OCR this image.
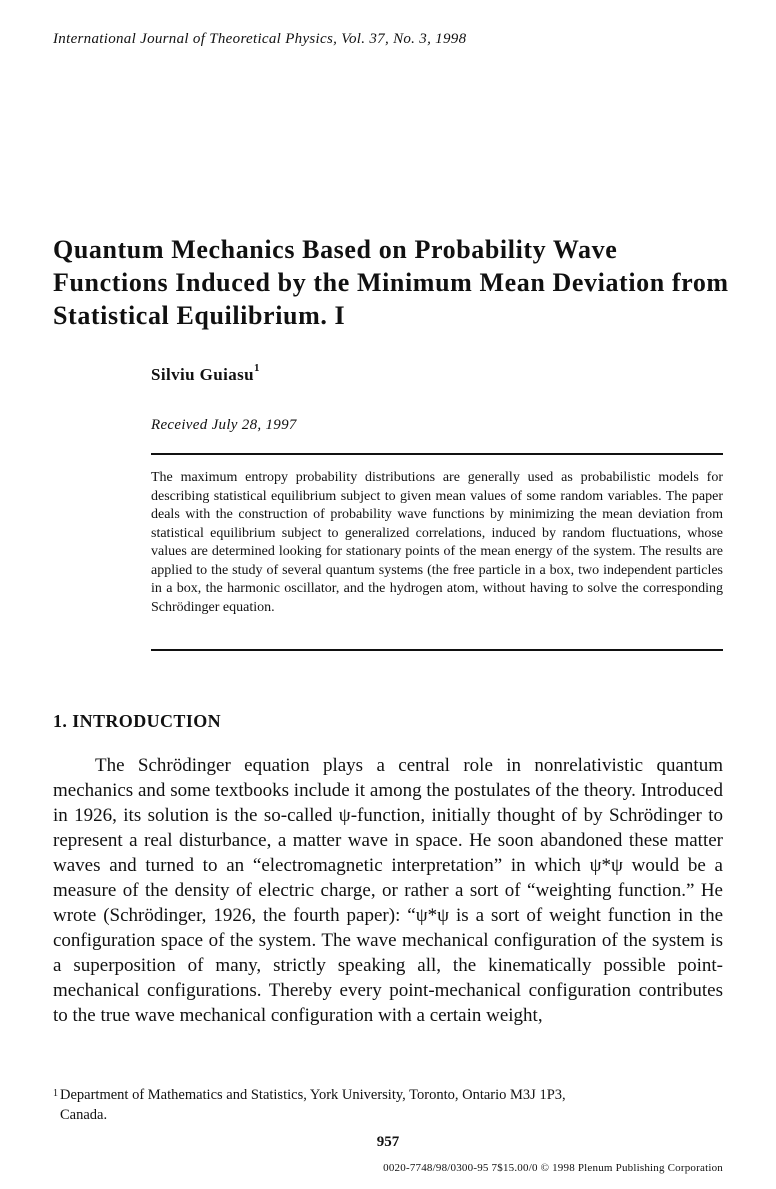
International Journal of Theoretical Physics, Vol. 37, No. 3, 1998
Quantum Mechanics Based on Probability Wave Functions Induced by the Minimum Mean Deviation from Statistical Equilibrium. I
Silviu Guiasu$^1$
Received July 28, 1997
The maximum entropy probability distributions are generally used as probabilistic models for describing statistical equilibrium subject to given mean values of some random variables. The paper deals with the construction of probability wave functions by minimizing the mean deviation from statistical equilibrium subject to generalized correlations, induced by random fluctuations, whose values are determined looking for stationary points of the mean energy of the system. The results are applied to the study of several quantum systems (the free particle in a box, two independent particles in a box, the harmonic oscillator, and the hydrogen atom, without having to solve the corresponding Schrödinger equation.
1. INTRODUCTION
The Schrödinger equation plays a central role in nonrelativistic quantum mechanics and some textbooks include it among the postulates of the theory. Introduced in 1926, its solution is the so-called ψ-function, initially thought of by Schrödinger to represent a real disturbance, a matter wave in space. He soon abandoned these matter waves and turned to an “electromagnetic interpretation” in which ψ*ψ would be a measure of the density of electric charge, or rather a sort of “weighting function.” He wrote (Schrödinger, 1926, the fourth paper): “ψ*ψ is a sort of weight function in the configuration space of the system. The wave mechanical configuration of the system is a superposition of many, strictly speaking all, the kinematically possible point-mechanical configurations. Thereby every point-mechanical configuration contributes to the true wave mechanical configuration with a certain weight,
$^1$ Department of Mathematics and Statistics, York University, Toronto, Ontario M3J 1P3,
Canada.
957
0020-7748/98/0300-95 7$15.00/0 © 1998 Plenum Publishing Corporation
